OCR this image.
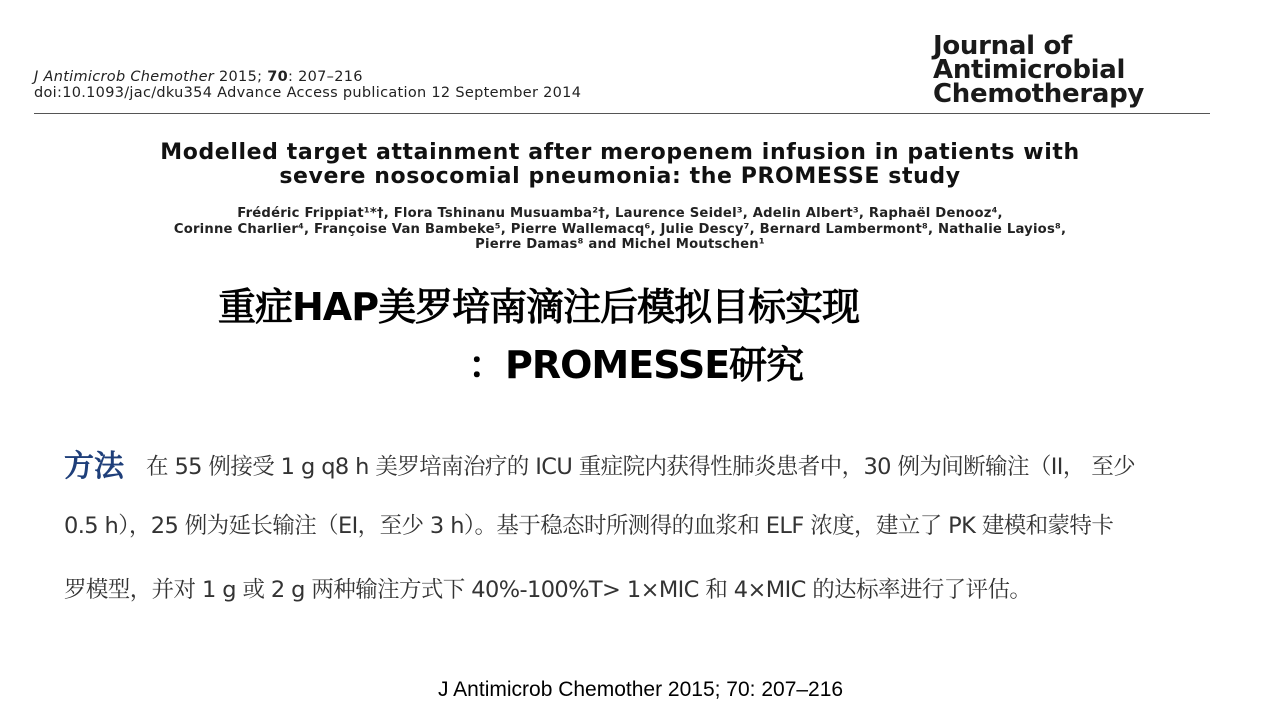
J Antimicrob Chemother 2015; 70: 207–216
doi:10.1093/jac/dku354 Advance Access publication 12 September 2014
Journal of
Antimicrobial
Chemotherapy
Modelled target attainment after meropenem infusion in patients with
severe nosocomial pneumonia: the PROMESSE study
Frédéric Frippiat¹*†, Flora Tshinanu Musuamba²†, Laurence Seidel³, Adelin Albert³, Raphaël Denooz⁴,
Corinne Charlier⁴, Françoise Van Bambeke⁵, Pierre Wallemacq⁶, Julie Descy⁷, Bernard Lambermont⁸, Nathalie Layios⁸,
Pierre Damas⁸ and Michel Moutschen¹
重症HAP美罗培南滴注后模拟目标实现
：PROMESSE研究
方法 在 55 例接受 1 g q8 h 美罗培南治疗的 ICU 重症院内获得性肺炎患者中，30 例为间断输注（II， 至少
0.5 h），25 例为延长输注（EI，至少 3 h）。基于稳态时所测得的血浆和 ELF 浓度，建立了 PK 建模和蒙特卡
罗模型，并对 1 g 或 2 g 两种输注方式下 40%-100%T> 1×MIC 和 4×MIC 的达标率进行了评估。
J Antimicrob Chemother 2015; 70: 207–216
